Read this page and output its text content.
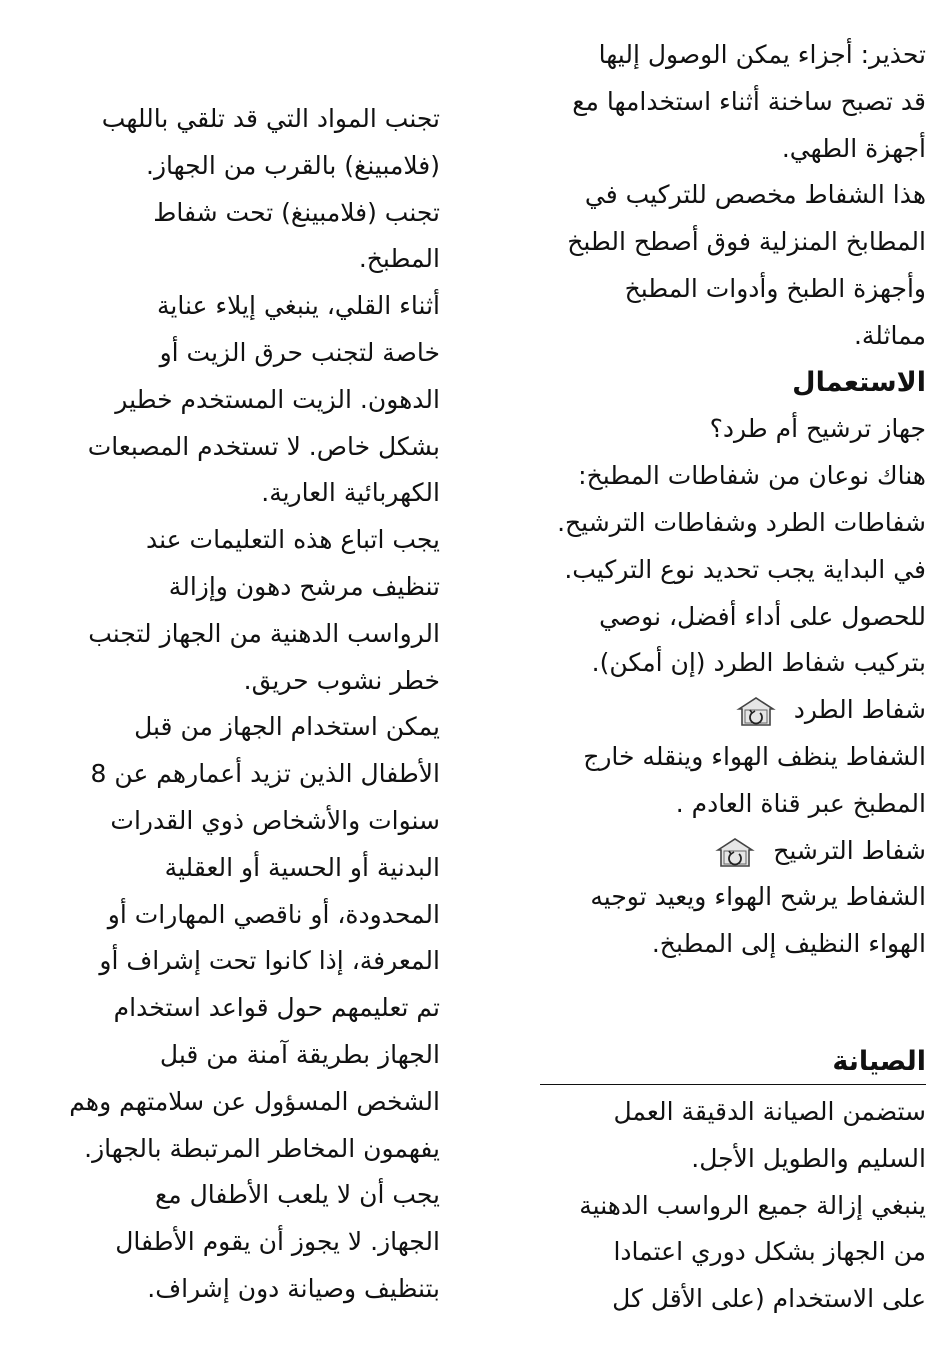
تحذير: أجزاء يمكن الوصول إليها
قد تصبح ساخنة أثناء استخدامها مع
أجهزة الطهي.
هذا الشفاط مخصص للتركيب في
المطابخ المنزلية فوق أصطح الطبخ
وأجهزة الطبخ وأدوات المطبخ
مماثلة.
الاستعمال
جهاز ترشيح أم طرد؟
هناك نوعان من شفاطات المطبخ:
شفاطات الطرد وشفاطات الترشيح.
في البداية يجب تحديد نوع التركيب.
للحصول على أداء أفضل، نوصي
بتركيب شفاط الطرد (إن أمكن).
شفاط الطرد
الشفاط ينظف الهواء وينقله خارج
المطبخ عبر قناة العادم .
شفاط الترشيح
الشفاط يرشح الهواء ويعيد توجيه
الهواء النظيف إلى المطبخ.
الصيانة
ستضمن الصيانة الدقيقة العمل
السليم والطويل الأجل.
ينبغي إزالة جميع الرواسب الدهنية
من الجهاز بشكل دوري اعتمادا
على الاستخدام (على الأقل كل
تجنب المواد التي قد تلقي باللهب
(فلامبينغ) بالقرب من الجهاز.
تجنب (فلامبينغ) تحت شفاط
المطبخ.
أثناء القلي، ينبغي إيلاء عناية
خاصة لتجنب حرق الزيت أو
الدهون. الزيت المستخدم خطير
بشكل خاص. لا تستخدم المصبعات
الكهربائية العارية.
يجب اتباع هذه التعليمات عند
تنظيف مرشح دهون وإزالة
الرواسب الدهنية من الجهاز لتجنب
خطر نشوب حريق.
يمكن استخدام الجهاز من قبل
الأطفال الذين تزيد أعمارهم عن 8
سنوات والأشخاص ذوي القدرات
البدنية أو الحسية أو العقلية
المحدودة، أو ناقصي المهارات أو
المعرفة، إذا كانوا تحت إشراف أو
تم تعليمهم حول قواعد استخدام
الجهاز بطريقة آمنة من قبل
الشخص المسؤول عن سلامتهم وهم
يفهمون المخاطر المرتبطة بالجهاز.
يجب أن لا يلعب الأطفال مع
الجهاز. لا يجوز أن يقوم الأطفال
بتنظيف وصيانة دون إشراف.
